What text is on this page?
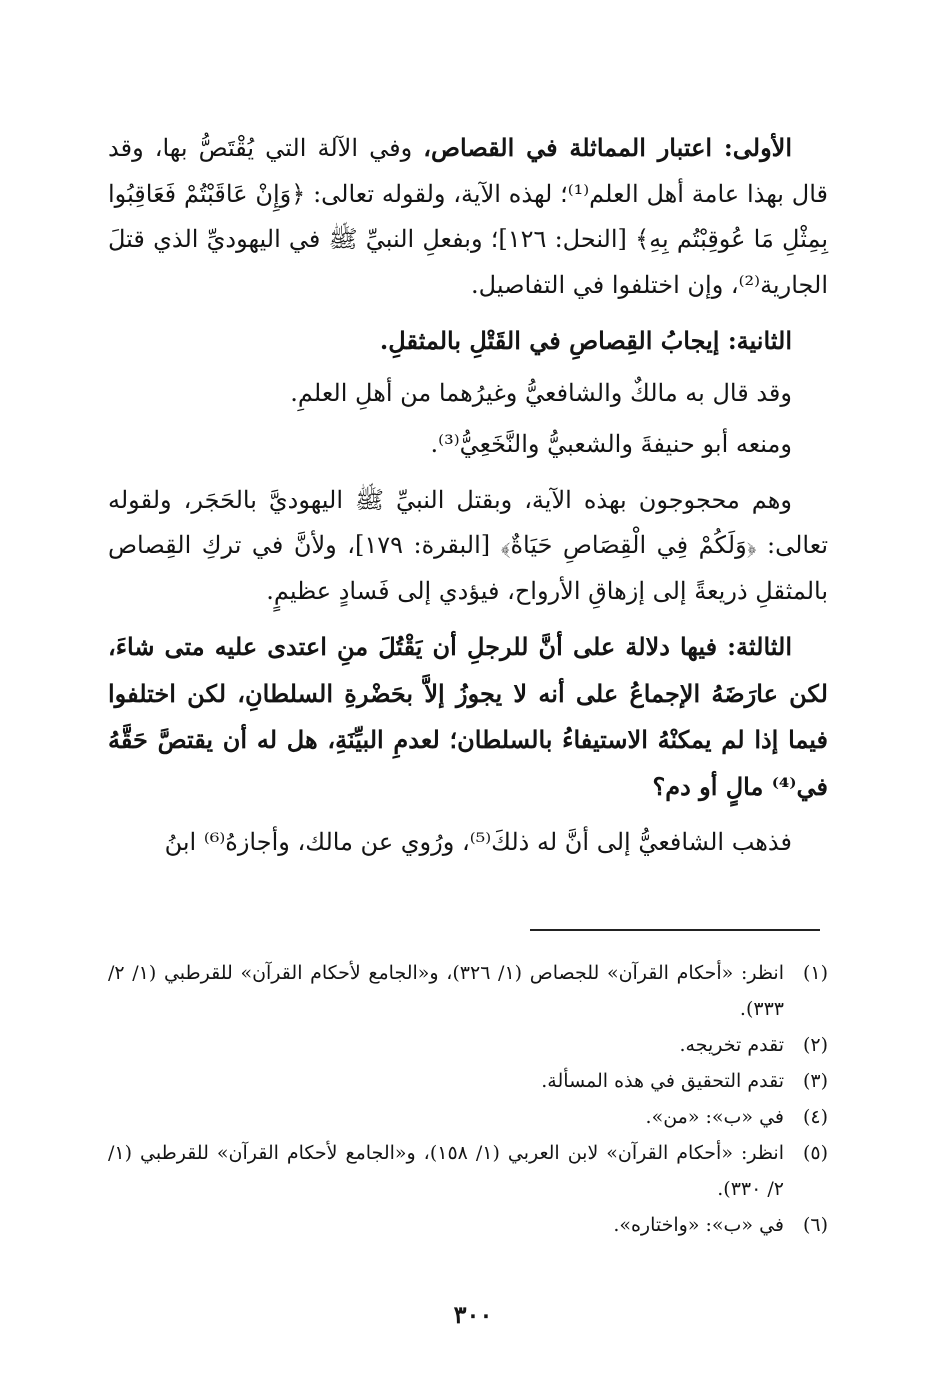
الأولى: اعتبار المماثلة في القصاص، وفي الآلة التي يُقْتَصُّ بها، وقد قال بهذا عامة أهل العلم⁽¹⁾؛ لهذه الآية، ولقوله تعالى: ﴿وَإِنْ عَاقَبْتُمْ فَعَاقِبُوا بِمِثْلِ مَا عُوقِبْتُم بِهِ﴾ [النحل: ١٢٦]؛ وبفعلِ النبيِّ ﷺ في اليهوديِّ الذي قتلَ الجارية⁽²⁾، وإن اختلفوا في التفاصيل.

الثانية: إيجابُ القِصاصِ في القَتْلِ بالمثقلِ.

وقد قال به مالكٌ والشافعيُّ وغيرُهما من أهلِ العلمِ.

ومنعه أبو حنيفةَ والشعبيُّ والنَّخَعِيُّ⁽³⁾.

وهم محجوجون بهذه الآية، وبقتل النبيِّ ﷺ اليهوديَّ بالحَجَر، ولقوله تعالى: ﴿وَلَكُمْ فِي الْقِصَاصِ حَيَاةٌ﴾ [البقرة: ١٧٩]، ولأنَّ في تركِ القِصاص بالمثقلِ ذريعةً إلى إزهاقِ الأرواح، فيؤدي إلى فَسادٍ عظيمٍ.

الثالثة: فيها دلالة على أنَّ للرجلِ أن يَقْتُلَ منِ اعتدى عليه متى شاءَ، لكن عارَضَهُ الإجماعُ على أنه لا يجوزُ إلاَّ بحَضْرةِ السلطانِ، لكن اختلفوا فيما إذا لم يمكنْهُ الاستيفاءُ بالسلطان؛ لعدمِ البيِّنَةِ، هل له أن يقتصَّ حَقَّهُ في⁽⁴⁾ مالٍ أو دم؟

فذهب الشافعيُّ إلى أنَّ له ذلكَ⁽⁵⁾، ورُوي عن مالك، وأجازهُ⁽⁶⁾ ابنُ

(١)
انظر: «أحكام القرآن» للجصاص (١/ ٣٢٦)، و«الجامع لأحكام القرآن» للقرطبي (١/ ٢/ ٣٣٣).
(٢)
تقدم تخريجه.
(٣)
تقدم التحقيق في هذه المسألة.
(٤)
في «ب»: «من».
(٥)
انظر: «أحكام القرآن» لابن العربي (١/ ١٥٨)، و«الجامع لأحكام القرآن» للقرطبي (١/ ٢/ ٣٣٠).
(٦)
في «ب»: «واختاره».
٣٠٠
